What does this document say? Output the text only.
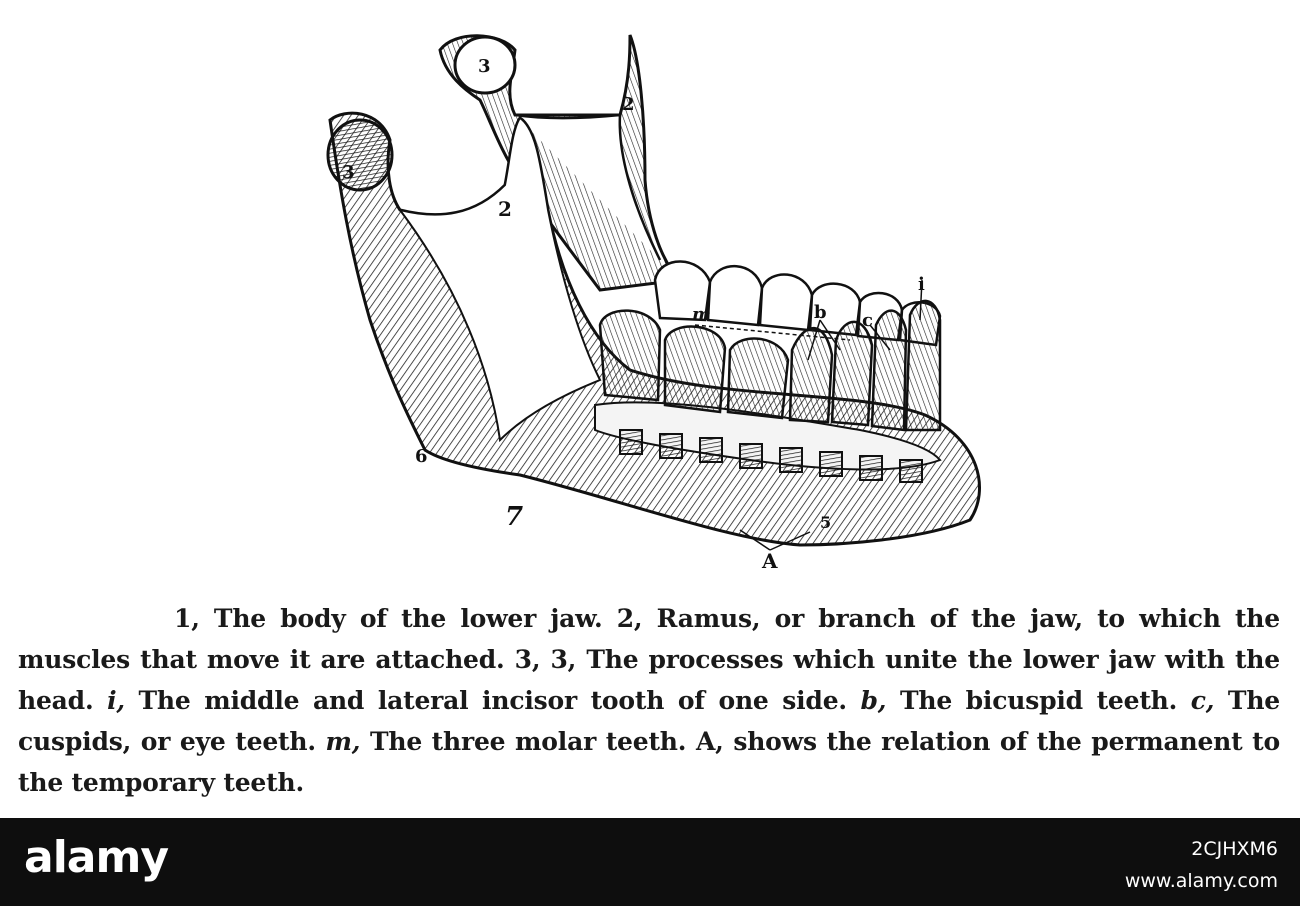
3
3
2
2
m	b c
i
6
7	5
A
1, The body of the lower jaw. 2, Ramus, or branch of the jaw, to which the muscles that move it are attached. 3, 3, The processes which unite the lower jaw with the head. i, The middle and lateral incisor tooth of one side. b, The bicuspid teeth. c, The cuspids, or eye teeth. m, The three molar teeth. A, shows the relation of the permanent to the temporary teeth.
alamy	2CJHXM6
www.alamy.com
